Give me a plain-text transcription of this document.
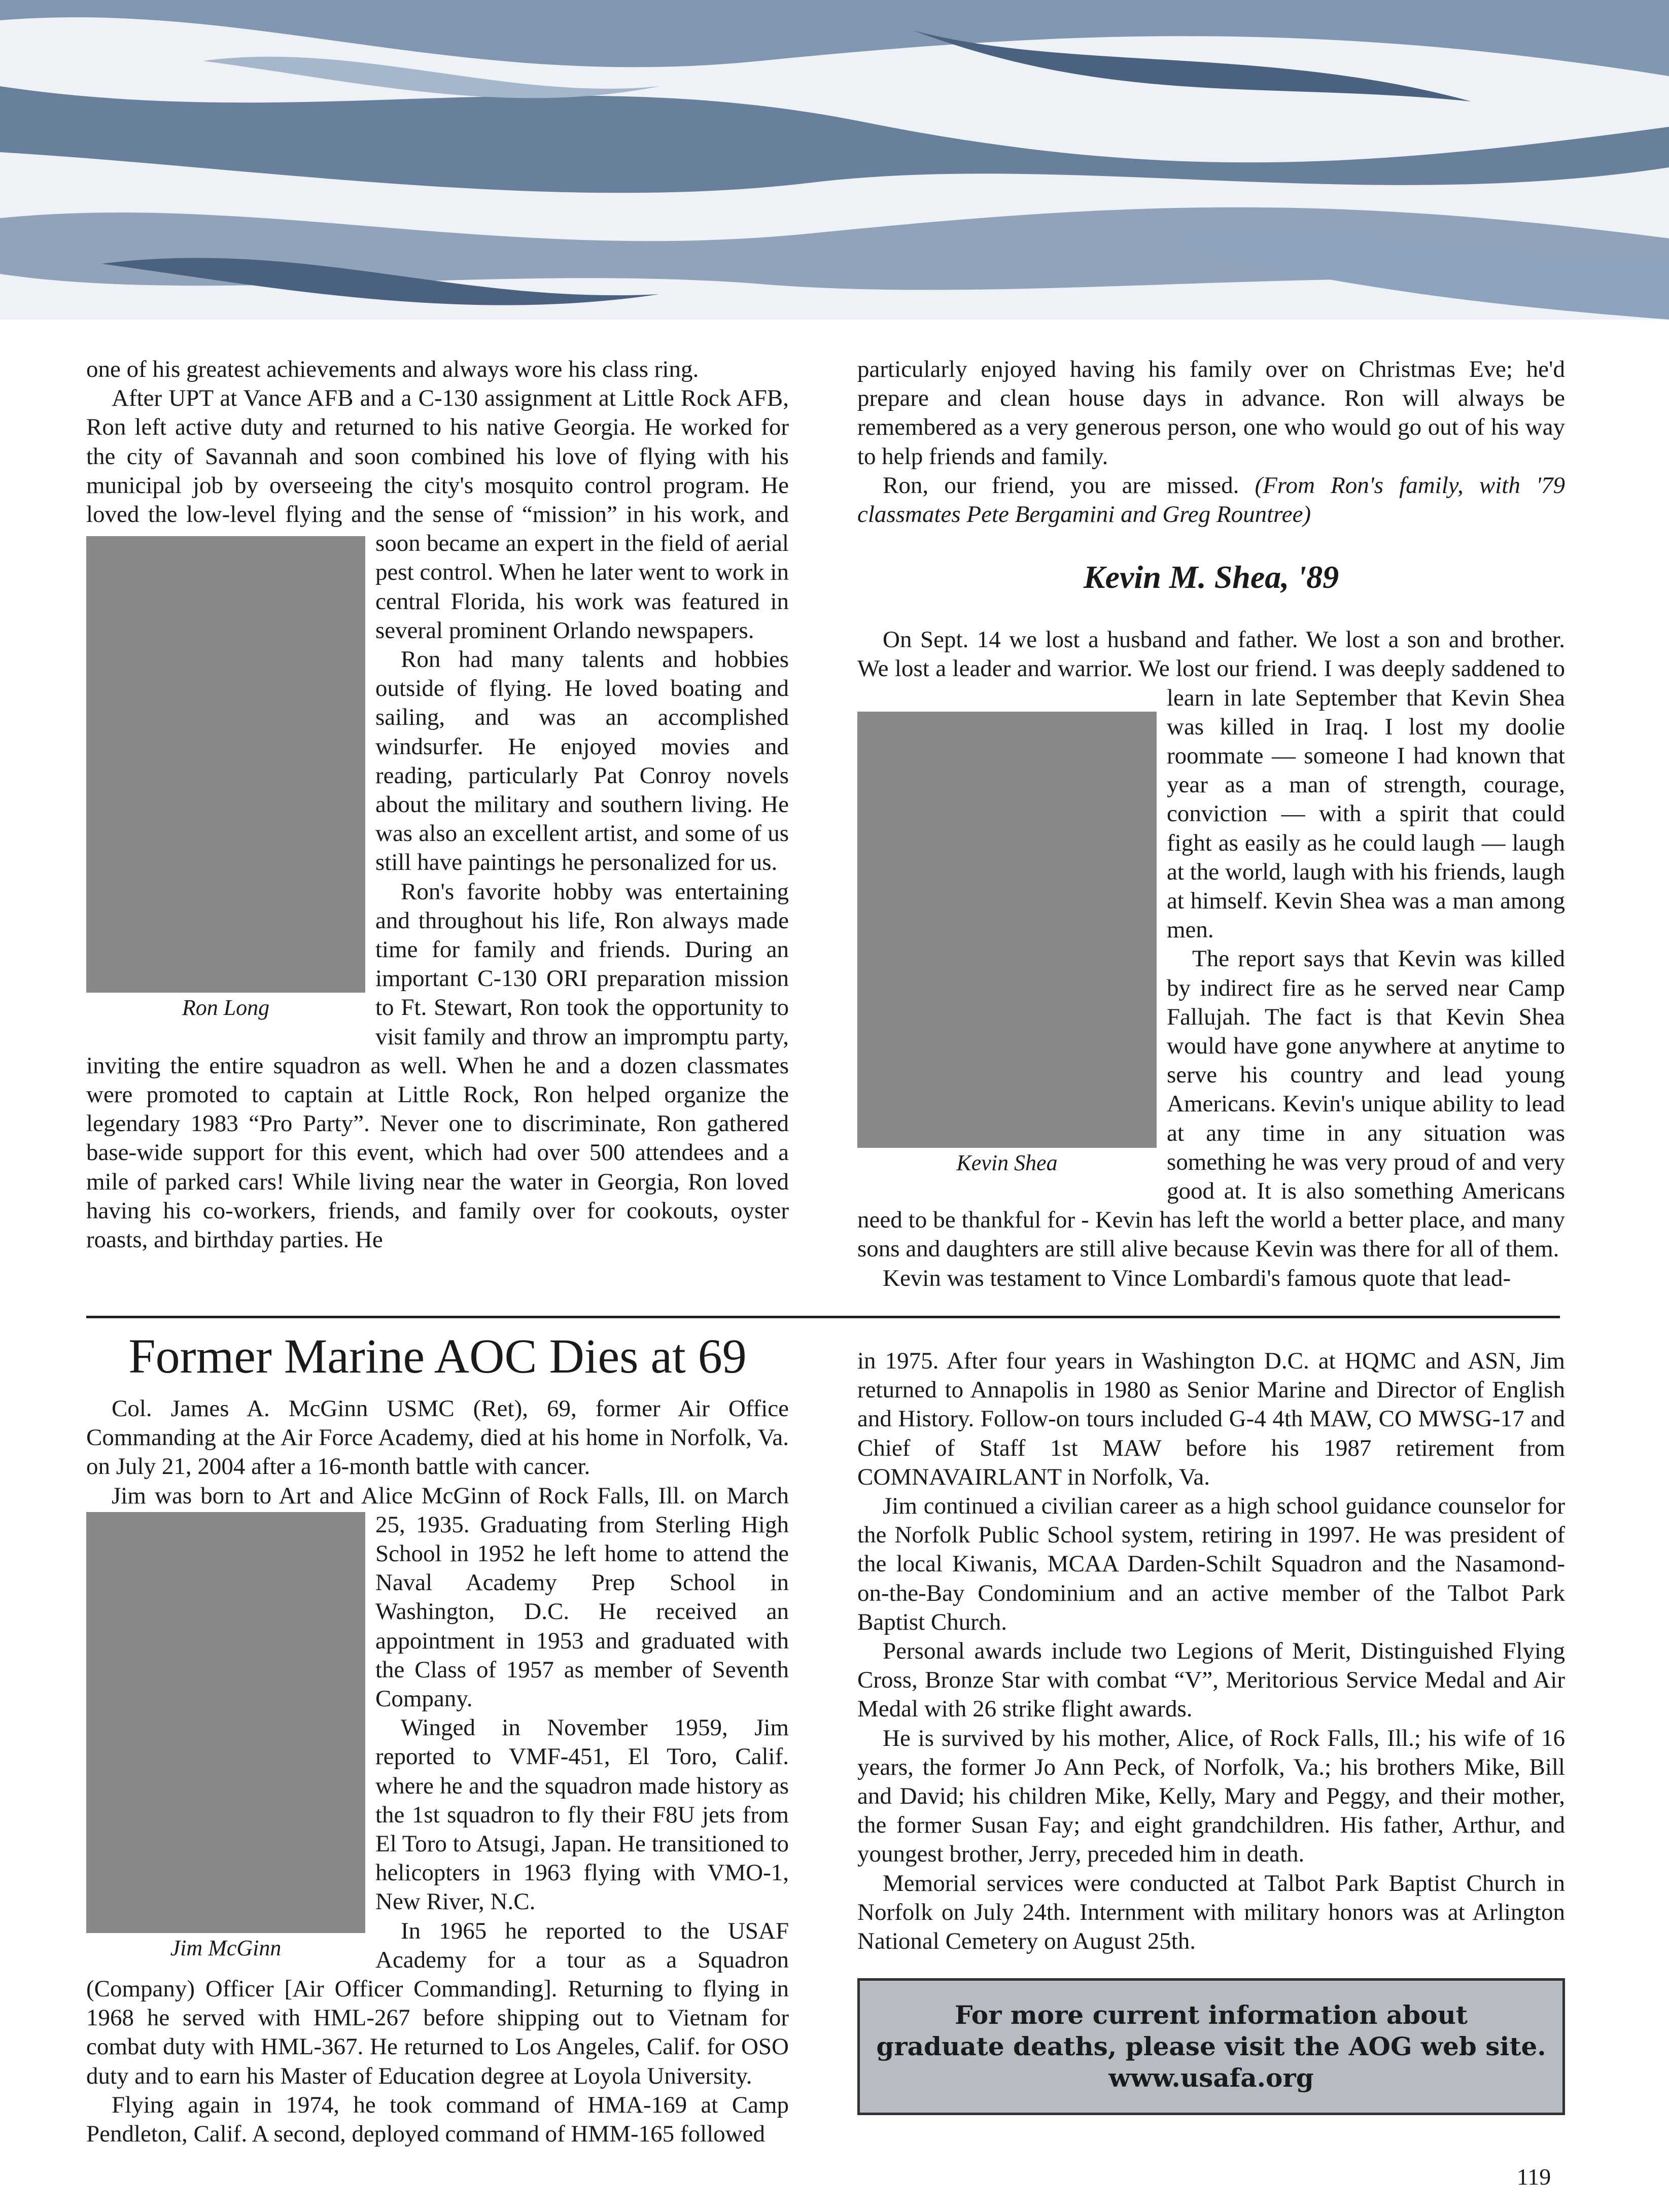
one of his greatest achievements and always wore his class ring.

Ron Long

After UPT at Vance AFB and a C-130 assignment at Little Rock AFB, Ron left active duty and returned to his native Georgia. He worked for the city of Savannah and soon combined his love of flying with his municipal job by overseeing the city's mosquito control program. He loved the low-level flying and the sense of “mission” in his work, and soon became an expert in the field of aerial pest control. When he later went to work in central Florida, his work was featured in several prominent Orlando newspapers.

Ron had many talents and hobbies outside of flying. He loved boating and sailing, and was an accomplished windsurfer. He enjoyed movies and reading, particularly Pat Conroy novels about the military and southern living. He was also an excellent artist, and some of us still have paintings he personalized for us.

Ron's favorite hobby was entertaining and throughout his life, Ron always made time for family and friends. During an important C-130 ORI preparation mission to Ft. Stewart, Ron took the opportunity to visit family and throw an impromptu party, inviting the entire squadron as well. When he and a dozen classmates were promoted to captain at Little Rock, Ron helped organize the legendary 1983 “Pro Party”. Never one to discriminate, Ron gathered base-wide support for this event, which had over 500 attendees and a mile of parked cars! While living near the water in Georgia, Ron loved having his co-workers, friends, and family over for cookouts, oyster roasts, and birthday parties. He

particularly enjoyed having his family over on Christmas Eve; he'd prepare and clean house days in advance. Ron will always be remembered as a very generous person, one who would go out of his way to help friends and family.

Ron, our friend, you are missed. (From Ron's family, with '79 classmates Pete Bergamini and Greg Rountree)

Kevin M. Shea, '89
Kevin Shea

On Sept. 14 we lost a husband and father. We lost a son and brother. We lost a leader and warrior. We lost our friend. I was deeply saddened to learn in late September that Kevin Shea was killed in Iraq. I lost my doolie roommate — someone I had known that year as a man of strength, courage, conviction — with a spirit that could fight as easily as he could laugh — laugh at the world, laugh with his friends, laugh at himself. Kevin Shea was a man among men.

The report says that Kevin was killed by indirect fire as he served near Camp Fallujah. The fact is that Kevin Shea would have gone anywhere at anytime to serve his country and lead young Americans. Kevin's unique ability to lead at any time in any situation was something he was very proud of and very good at. It is also something Americans need to be thankful for - Kevin has left the world a better place, and many sons and daughters are still alive because Kevin was there for all of them.

Kevin was testament to Vince Lombardi's famous quote that lead-

Former Marine AOC Dies at 69

Col. James A. McGinn USMC (Ret), 69, former Air Office Commanding at the Air Force Academy, died at his home in Norfolk, Va. on July 21, 2004 after a 16-month battle with cancer.

Jim McGinn

Jim was born to Art and Alice McGinn of Rock Falls, Ill. on March 25, 1935. Graduating from Sterling High School in 1952 he left home to attend the Naval Academy Prep School in Washington, D.C. He received an appointment in 1953 and graduated with the Class of 1957 as member of Seventh Company.

Winged in November 1959, Jim reported to VMF-451, El Toro, Calif. where he and the squadron made history as the 1st squadron to fly their F8U jets from El Toro to Atsugi, Japan. He transitioned to helicopters in 1963 flying with VMO-1, New River, N.C.

In 1965 he reported to the USAF Academy for a tour as a Squadron (Company) Officer [Air Officer Commanding]. Returning to flying in 1968 he served with HML-267 before shipping out to Vietnam for combat duty with HML-367. He returned to Los Angeles, Calif. for OSO duty and to earn his Master of Education degree at Loyola University.

Flying again in 1974, he took command of HMA-169 at Camp Pendleton, Calif. A second, deployed command of HMM-165 followed

in 1975. After four years in Washington D.C. at HQMC and ASN, Jim returned to Annapolis in 1980 as Senior Marine and Director of English and History. Follow-on tours included G-4 4th MAW, CO MWSG-17 and Chief of Staff 1st MAW before his 1987 retirement from COMNAVAIRLANT in Norfolk, Va.

Jim continued a civilian career as a high school guidance counselor for the Norfolk Public School system, retiring in 1997. He was president of the local Kiwanis, MCAA Darden-Schilt Squadron and the Nasamond-on-the-Bay Condominium and an active member of the Talbot Park Baptist Church.

Personal awards include two Legions of Merit, Distinguished Flying Cross, Bronze Star with combat “V”, Meritorious Service Medal and Air Medal with 26 strike flight awards.

He is survived by his mother, Alice, of Rock Falls, Ill.; his wife of 16 years, the former Jo Ann Peck, of Norfolk, Va.; his brothers Mike, Bill and David; his children Mike, Kelly, Mary and Peggy, and their mother, the former Susan Fay; and eight grandchildren. His father, Arthur, and youngest brother, Jerry, preceded him in death.

Memorial services were conducted at Talbot Park Baptist Church in Norfolk on July 24th. Internment with military honors was at Arlington National Cemetery on August 25th.

For more current information about
graduate deaths, please visit the AOG web site.
www.usafa.org
119
